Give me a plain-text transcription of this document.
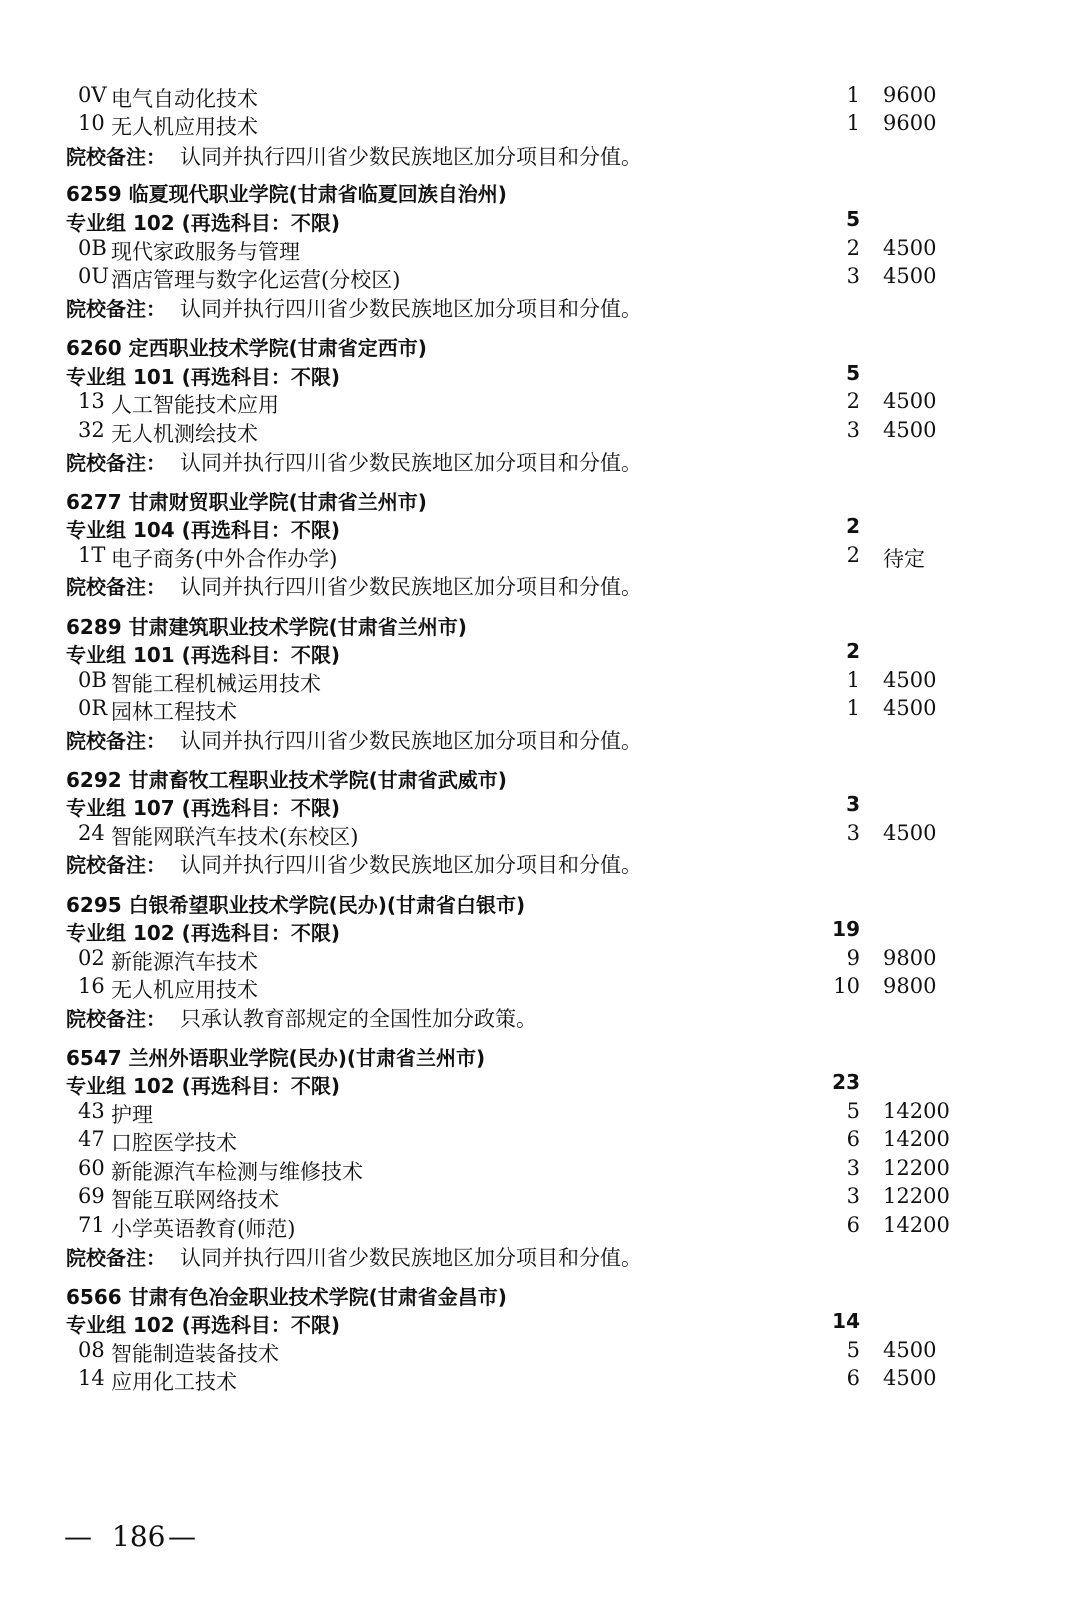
0V 电气自动化技术	1 9600
10 无人机应用技术	1 9600
院校备注： 认同并执行四川省少数民族地区加分项目和分值。
6259 临夏现代职业学院(甘肃省临夏回族自治州)
专业组 102 (再选科目：不限)	5
0B 现代家政服务与管理	2 4500
0U 酒店管理与数字化运营(分校区)	3 4500
院校备注： 认同并执行四川省少数民族地区加分项目和分值。
6260 定西职业技术学院(甘肃省定西市)
专业组 101 (再选科目：不限)	5
13 人工智能技术应用	2 4500
32 无人机测绘技术	3 4500
院校备注： 认同并执行四川省少数民族地区加分项目和分值。
6277 甘肃财贸职业学院(甘肃省兰州市)
专业组 104 (再选科目：不限)	2
1T 电子商务(中外合作办学)	2 待定
院校备注： 认同并执行四川省少数民族地区加分项目和分值。
6289 甘肃建筑职业技术学院(甘肃省兰州市)
专业组 101 (再选科目：不限)	2
0B 智能工程机械运用技术	1 4500
0R 园林工程技术	1 4500
院校备注： 认同并执行四川省少数民族地区加分项目和分值。
6292 甘肃畜牧工程职业技术学院(甘肃省武威市)
专业组 107 (再选科目：不限)	3
24 智能网联汽车技术(东校区)	3 4500
院校备注： 认同并执行四川省少数民族地区加分项目和分值。
6295 白银希望职业技术学院(民办)(甘肃省白银市)
专业组 102 (再选科目：不限)	19
02 新能源汽车技术	9 9800
16 无人机应用技术	10 9800
院校备注： 只承认教育部规定的全国性加分政策。
6547 兰州外语职业学院(民办)(甘肃省兰州市)
专业组 102 (再选科目：不限)	23
43 护理	5 14200
47 口腔医学技术	6 14200
60 新能源汽车检测与维修技术	3 12200
69 智能互联网络技术	3 12200
71 小学英语教育(师范)	6 14200
院校备注： 认同并执行四川省少数民族地区加分项目和分值。
6566 甘肃有色冶金职业技术学院(甘肃省金昌市)
专业组 102 (再选科目：不限)	14
08 智能制造装备技术	5 4500
14 应用化工技术	6 4500
— 186 —
